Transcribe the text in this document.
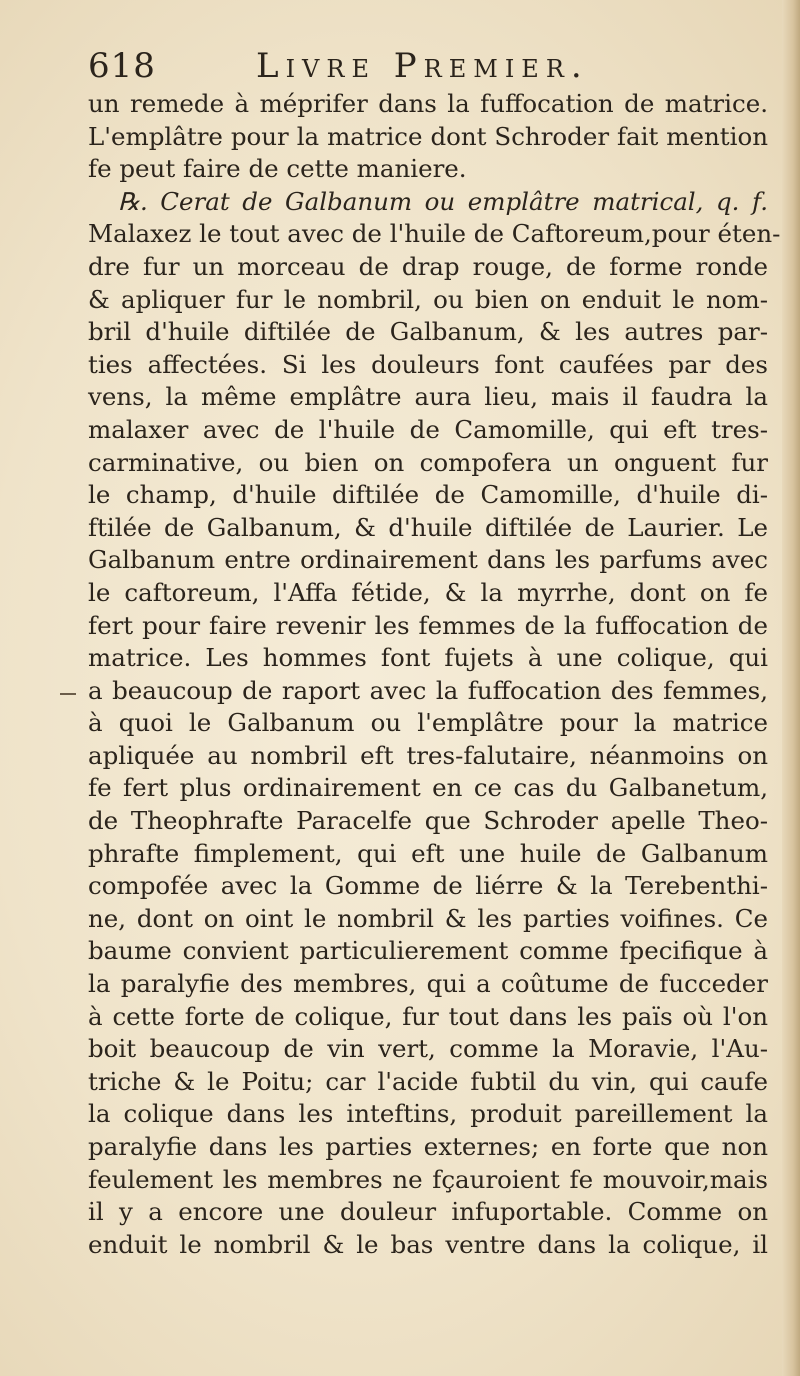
618	Livre Premier.
un remede à méprifer dans la fuffocation de matrice.
L'emplâtre pour la matrice dont Schroder fait mention
fe peut faire de cette maniere.
℞. Cerat de Galbanum ou emplâtre matrical, q. f.
Malaxez le tout avec de l'huile de Caftoreum,pour éten-
dre fur un morceau de drap rouge, de forme ronde
& apliquer fur le nombril, ou bien on enduit le nom-
bril d'huile diftilée de Galbanum, & les autres par-
ties affectées. Si les douleurs font caufées par des
vens, la même emplâtre aura lieu, mais il faudra la
malaxer avec de l'huile de Camomille, qui eft tres-
carminative, ou bien on compofera un onguent fur
le champ, d'huile diftilée de Camomille, d'huile di-
ftilée de Galbanum, & d'huile diftilée de Laurier. Le
Galbanum entre ordinairement dans les parfums avec
le caftoreum, l'Affa fétide, & la myrrhe, dont on fe
fert pour faire revenir les femmes de la fuffocation de
matrice. Les hommes font fujets à une colique, qui
a beaucoup de raport avec la fuffocation des femmes,
à quoi le Galbanum ou l'emplâtre pour la matrice
apliquée au nombril eft tres-falutaire, néanmoins on
fe fert plus ordinairement en ce cas du Galbanetum,
de Theophrafte Paracelfe que Schroder apelle Theo-
phrafte fimplement, qui eft une huile de Galbanum
compofée avec la Gomme de liérre & la Terebenthi-
ne, dont on oint le nombril & les parties voifines. Ce
baume convient particulierement comme fpecifique à
la paralyfie des membres, qui a coûtume de fucceder
à cette forte de colique, fur tout dans les païs où l'on
boit beaucoup de vin vert, comme la Moravie, l'Au-
triche & le Poitu; car l'acide fubtil du vin, qui caufe
la colique dans les inteftins, produit pareillement la
paralyfie dans les parties externes; en forte que non
feulement les membres ne fçauroient fe mouvoir,mais
il y a encore une douleur infuportable. Comme on
enduit le nombril & le bas ventre dans la colique, il
